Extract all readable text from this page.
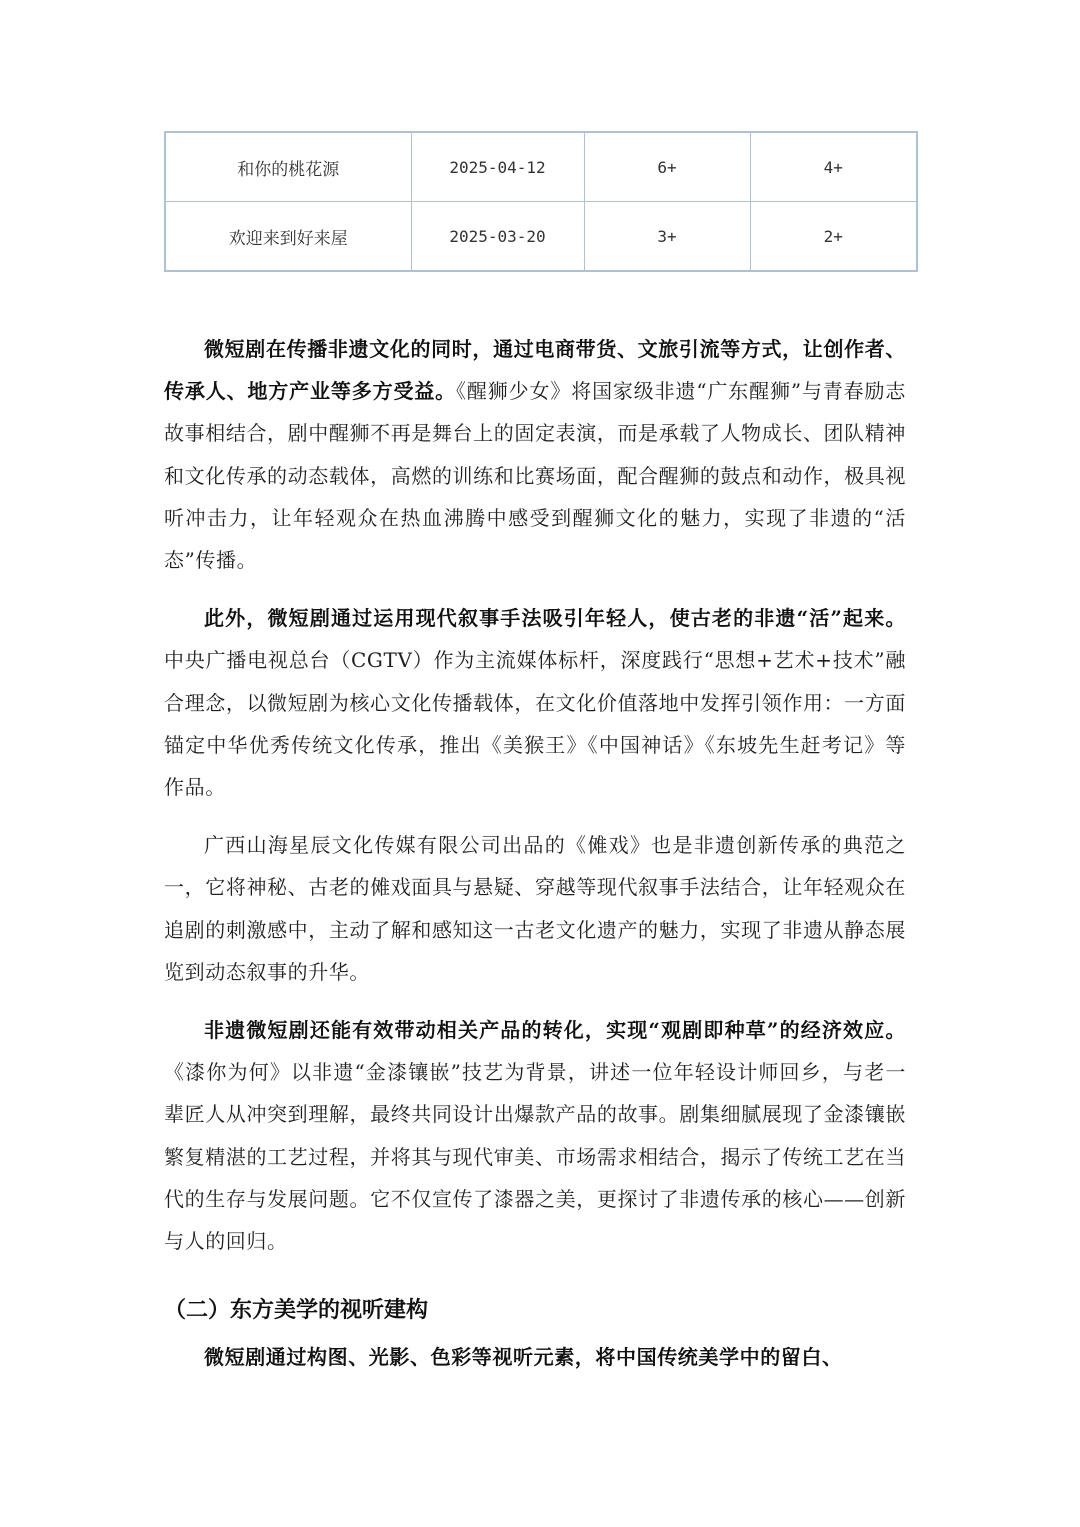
和你的桃花源	2025-04-12	6+	4+
欢迎来到好来屋	2025-03-20	3+	2+

微短剧在传播非遗文化的同时，通过电商带货、文旅引流等方式，让创作者、传承人、地方产业等多方受益。《醒狮少女》将国家级非遗“广东醒狮”与青春励志故事相结合，剧中醒狮不再是舞台上的固定表演，而是承载了人物成长、团队精神和文化传承的动态载体，高燃的训练和比赛场面，配合醒狮的鼓点和动作，极具视听冲击力，让年轻观众在热血沸腾中感受到醒狮文化的魅力，实现了非遗的“活态”传播。

此外，微短剧通过运用现代叙事手法吸引年轻人，使古老的非遗“活”起来。中央广播电视总台（CGTV）作为主流媒体标杆，深度践行“思想+艺术+技术”融合理念，以微短剧为核心文化传播载体，在文化价值落地中发挥引领作用：一方面锚定中华优秀传统文化传承，推出《美猴王》《中国神话》《东坡先生赶考记》等作品。

广西山海星辰文化传媒有限公司出品的《傩戏》也是非遗创新传承的典范之一，它将神秘、古老的傩戏面具与悬疑、穿越等现代叙事手法结合，让年轻观众在追剧的刺激感中，主动了解和感知这一古老文化遗产的魅力，实现了非遗从静态展览到动态叙事的升华。

非遗微短剧还能有效带动相关产品的转化，实现“观剧即种草”的经济效应。《漆你为何》以非遗“金漆镶嵌”技艺为背景，讲述一位年轻设计师回乡，与老一辈匠人从冲突到理解，最终共同设计出爆款产品的故事。剧集细腻展现了金漆镶嵌繁复精湛的工艺过程，并将其与现代审美、市场需求相结合，揭示了传统工艺在当代的生存与发展问题。它不仅宣传了漆器之美，更探讨了非遗传承的核心——创新与人的回归。

（二）东方美学的视听建构

微短剧通过构图、光影、色彩等视听元素，将中国传统美学中的留白、
